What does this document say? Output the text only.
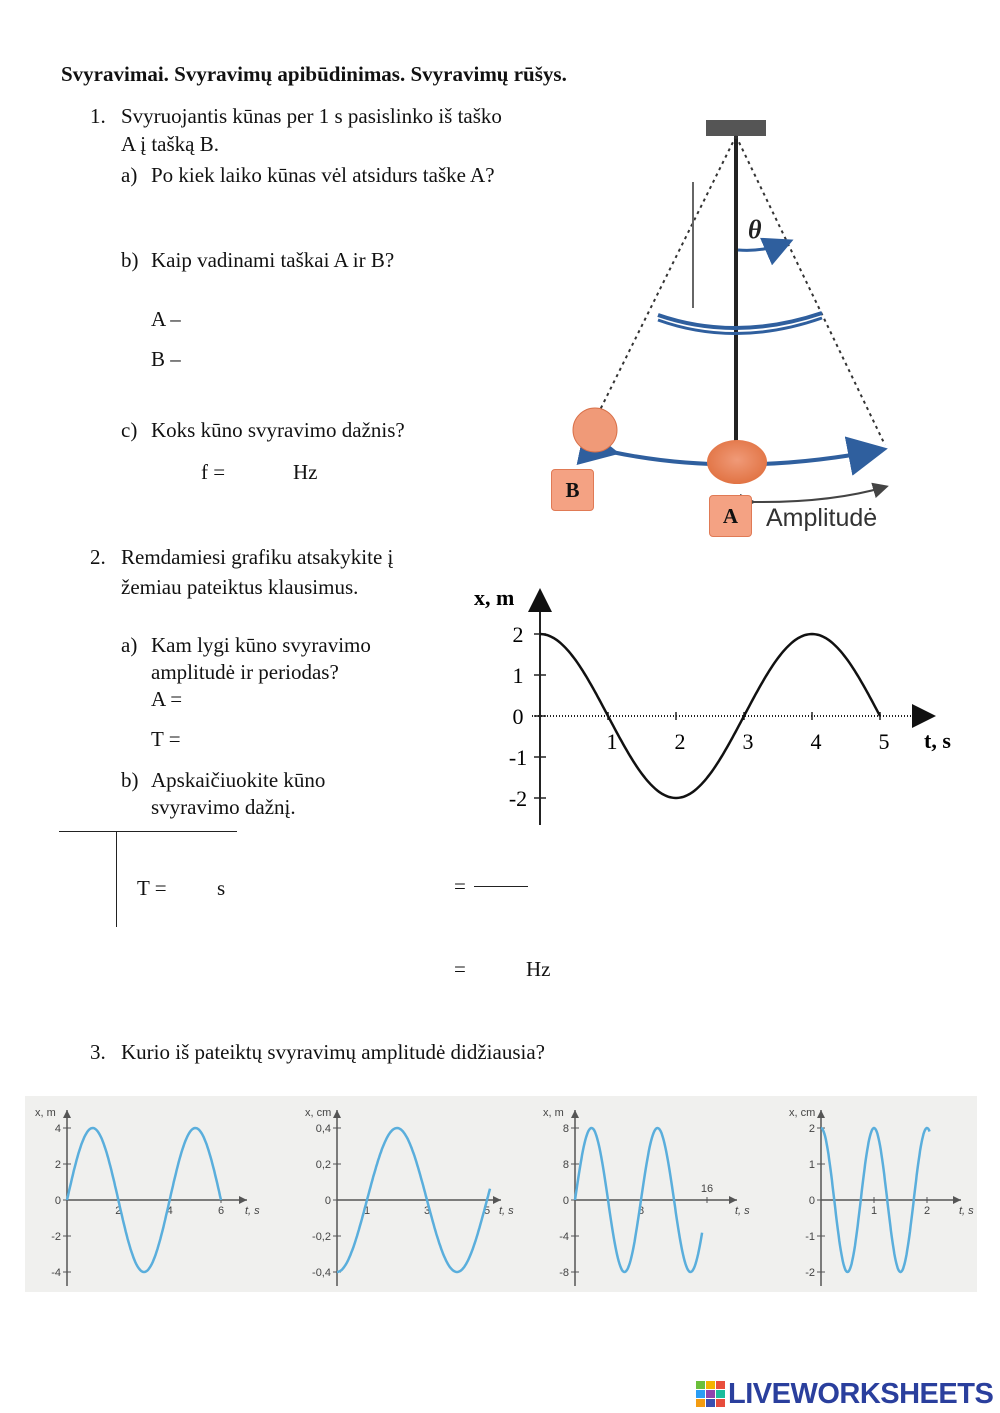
Svyravimai. Svyravimų apibūdinimas. Svyravimų rūšys.
1. Svyruojantis kūnas per 1 s pasislinko iš taško
A į tašką B.
a) Po kiek laiko kūnas vėl atsidurs taške A?
b) Kaip vadinami taškai A ir B?
A –
B –
c) Koks kūno svyravimo dažnis?
f =	Hz
θ
Amplitudė
B
A
2. Remdamiesi grafiku atsakykite į
žemiau pateiktus klausimus.
a) Kam lygi kūno svyravimo
amplitudė ir periodas?
A =
T =
b) Apskaičiuokite kūno
svyravimo dažnį.
x, m
t, s
2
1
0
-1
-2
1	2	3	4	5
T = s	=
=	Hz
3. Kurio iš pateiktų svyravimų amplitudė didžiausia?
x, m
t, s
4
2
0
-2
-4
2	4	6
x, cm
t, s
0,4
0,2
0
-0,2
-0,4
1	3	5
x, m
t, s
8
8
0
-4
-8
8
16
x, cm
t, s
2
1
0
-1
-2
1	2
LIVEWORKSHEETS
